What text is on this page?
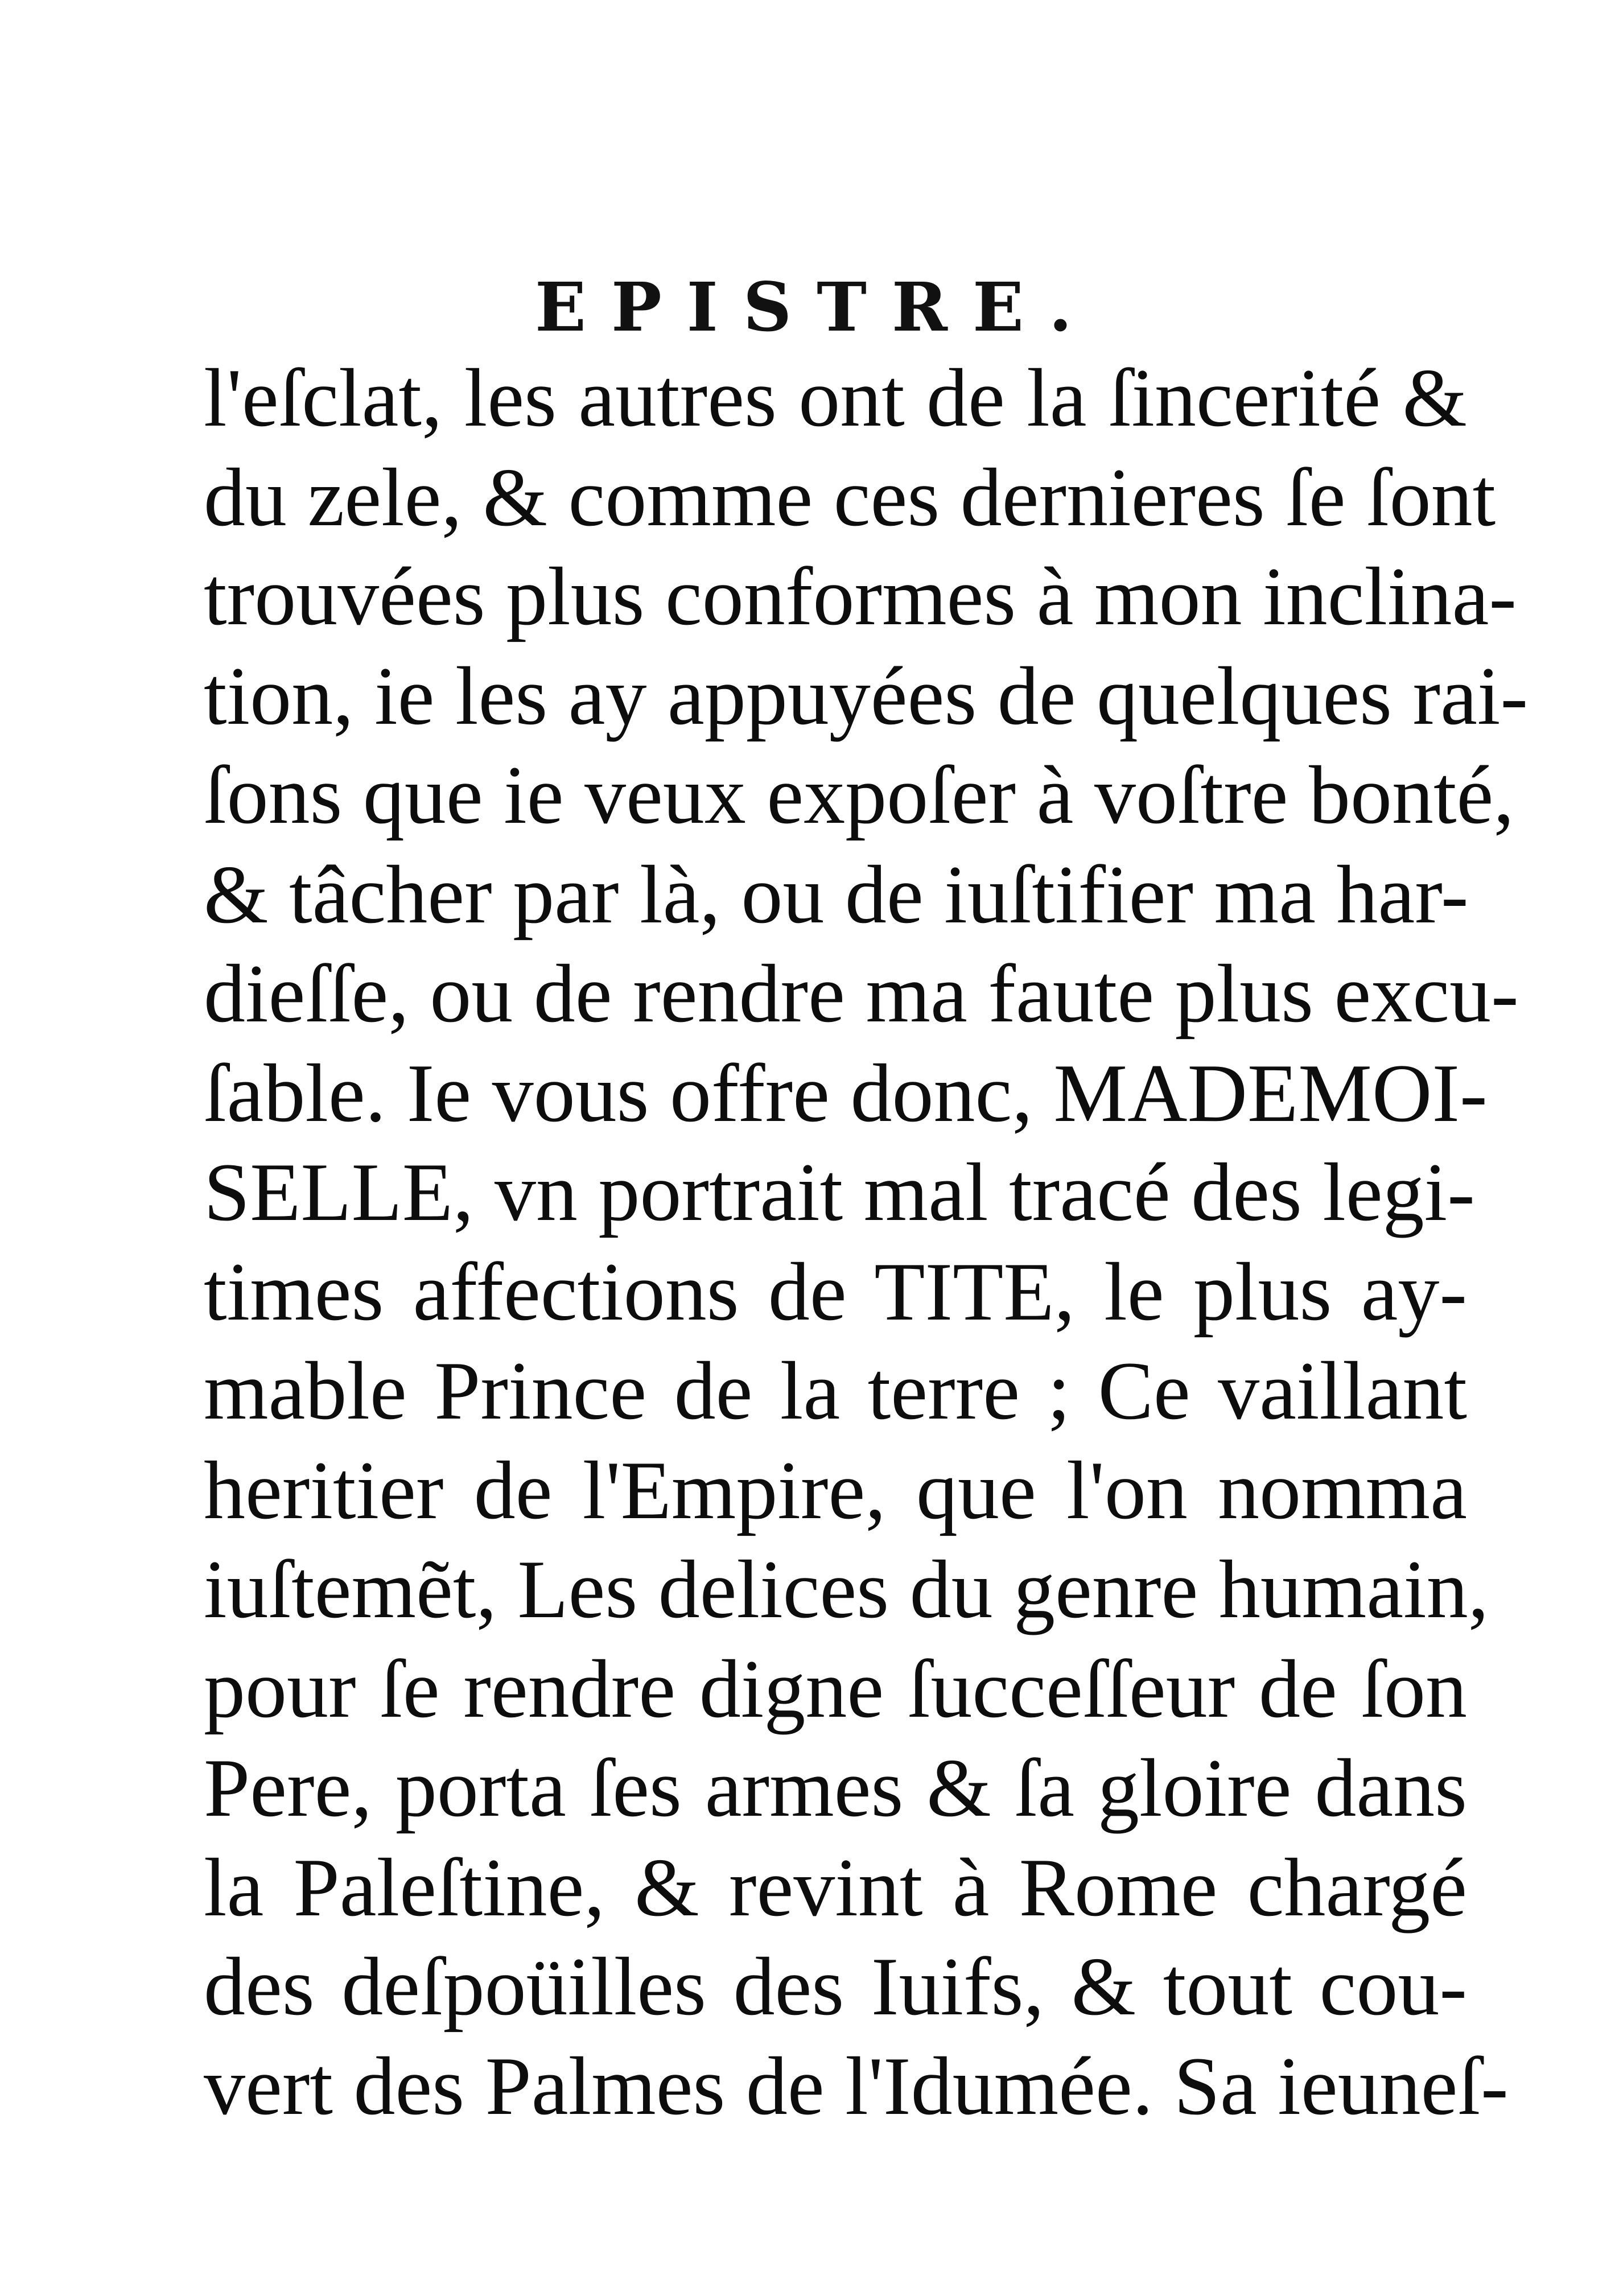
EPISTRE.
l'eſclat, les autres ont de la ſincerité &
du zele, & comme ces dernieres ſe ſont
trouvées plus conformes à mon inclina-
tion, ie les ay appuyées de quelques rai-
ſons que ie veux expoſer à voſtre bonté,
& tâcher par là, ou de iuſtifier ma har-
dieſſe, ou de rendre ma faute plus excu-
ſable. Ie vous offre donc, MADEMOI-
SELLE, vn portrait mal tracé des legi-
times affections de TITE, le plus ay-
mable Prince de la terre ; Ce vaillant
heritier de l'Empire, que l'on nomma
iuſtemẽt, Les delices du genre humain,
pour ſe rendre digne ſucceſſeur de ſon
Pere, porta ſes armes & ſa gloire dans
la Paleſtine, & revint à Rome chargé
des deſpoüilles des Iuifs, & tout cou-
vert des Palmes de l'Idumée. Sa ieuneſ-
